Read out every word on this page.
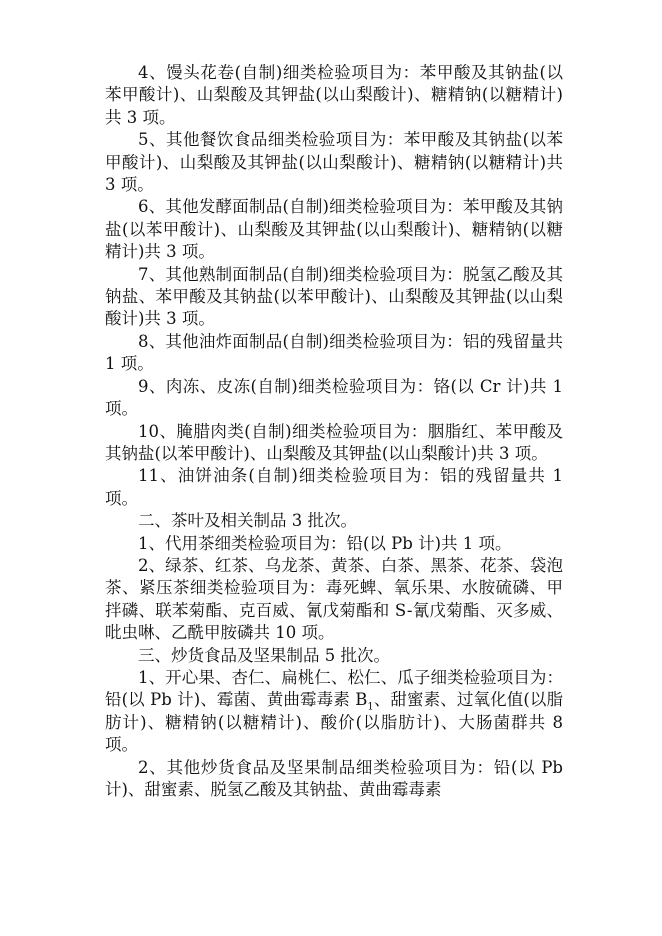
4、馒头花卷(自制)细类检验项目为：苯甲酸及其钠盐(以苯甲酸计)、山梨酸及其钾盐(以山梨酸计)、糖精钠(以糖精计)共 3 项。

5、其他餐饮食品细类检验项目为：苯甲酸及其钠盐(以苯甲酸计)、山梨酸及其钾盐(以山梨酸计)、糖精钠(以糖精计)共 3 项。

6、其他发酵面制品(自制)细类检验项目为：苯甲酸及其钠盐(以苯甲酸计)、山梨酸及其钾盐(以山梨酸计)、糖精钠(以糖精计)共 3 项。

7、其他熟制面制品(自制)细类检验项目为：脱氢乙酸及其钠盐、苯甲酸及其钠盐(以苯甲酸计)、山梨酸及其钾盐(以山梨酸计)共 3 项。

8、其他油炸面制品(自制)细类检验项目为：铝的残留量共 1 项。

9、肉冻、皮冻(自制)细类检验项目为：铬(以 Cr 计)共 1 项。

10、腌腊肉类(自制)细类检验项目为：胭脂红、苯甲酸及其钠盐(以苯甲酸计)、山梨酸及其钾盐(以山梨酸计)共 3 项。

11、油饼油条(自制)细类检验项目为：铝的残留量共 1 项。

二、茶叶及相关制品 3 批次。

1、代用茶细类检验项目为：铅(以 Pb 计)共 1 项。

2、绿茶、红茶、乌龙茶、黄茶、白茶、黑茶、花茶、袋泡茶、紧压茶细类检验项目为：毒死蜱、氧乐果、水胺硫磷、甲拌磷、联苯菊酯、克百威、氰戊菊酯和 S-氰戊菊酯、灭多威、吡虫啉、乙酰甲胺磷共 10 项。

三、炒货食品及坚果制品 5 批次。

1、开心果、杏仁、扁桃仁、松仁、瓜子细类检验项目为：铅(以 Pb 计)、霉菌、黄曲霉毒素 $B_1$、甜蜜素、过氧化值(以脂肪计)、糖精钠(以糖精计)、酸价(以脂肪计)、大肠菌群共 8 项。

2、其他炒货食品及坚果制品细类检验项目为：铅(以 Pb 计)、甜蜜素、脱氢乙酸及其钠盐、黄曲霉毒素
